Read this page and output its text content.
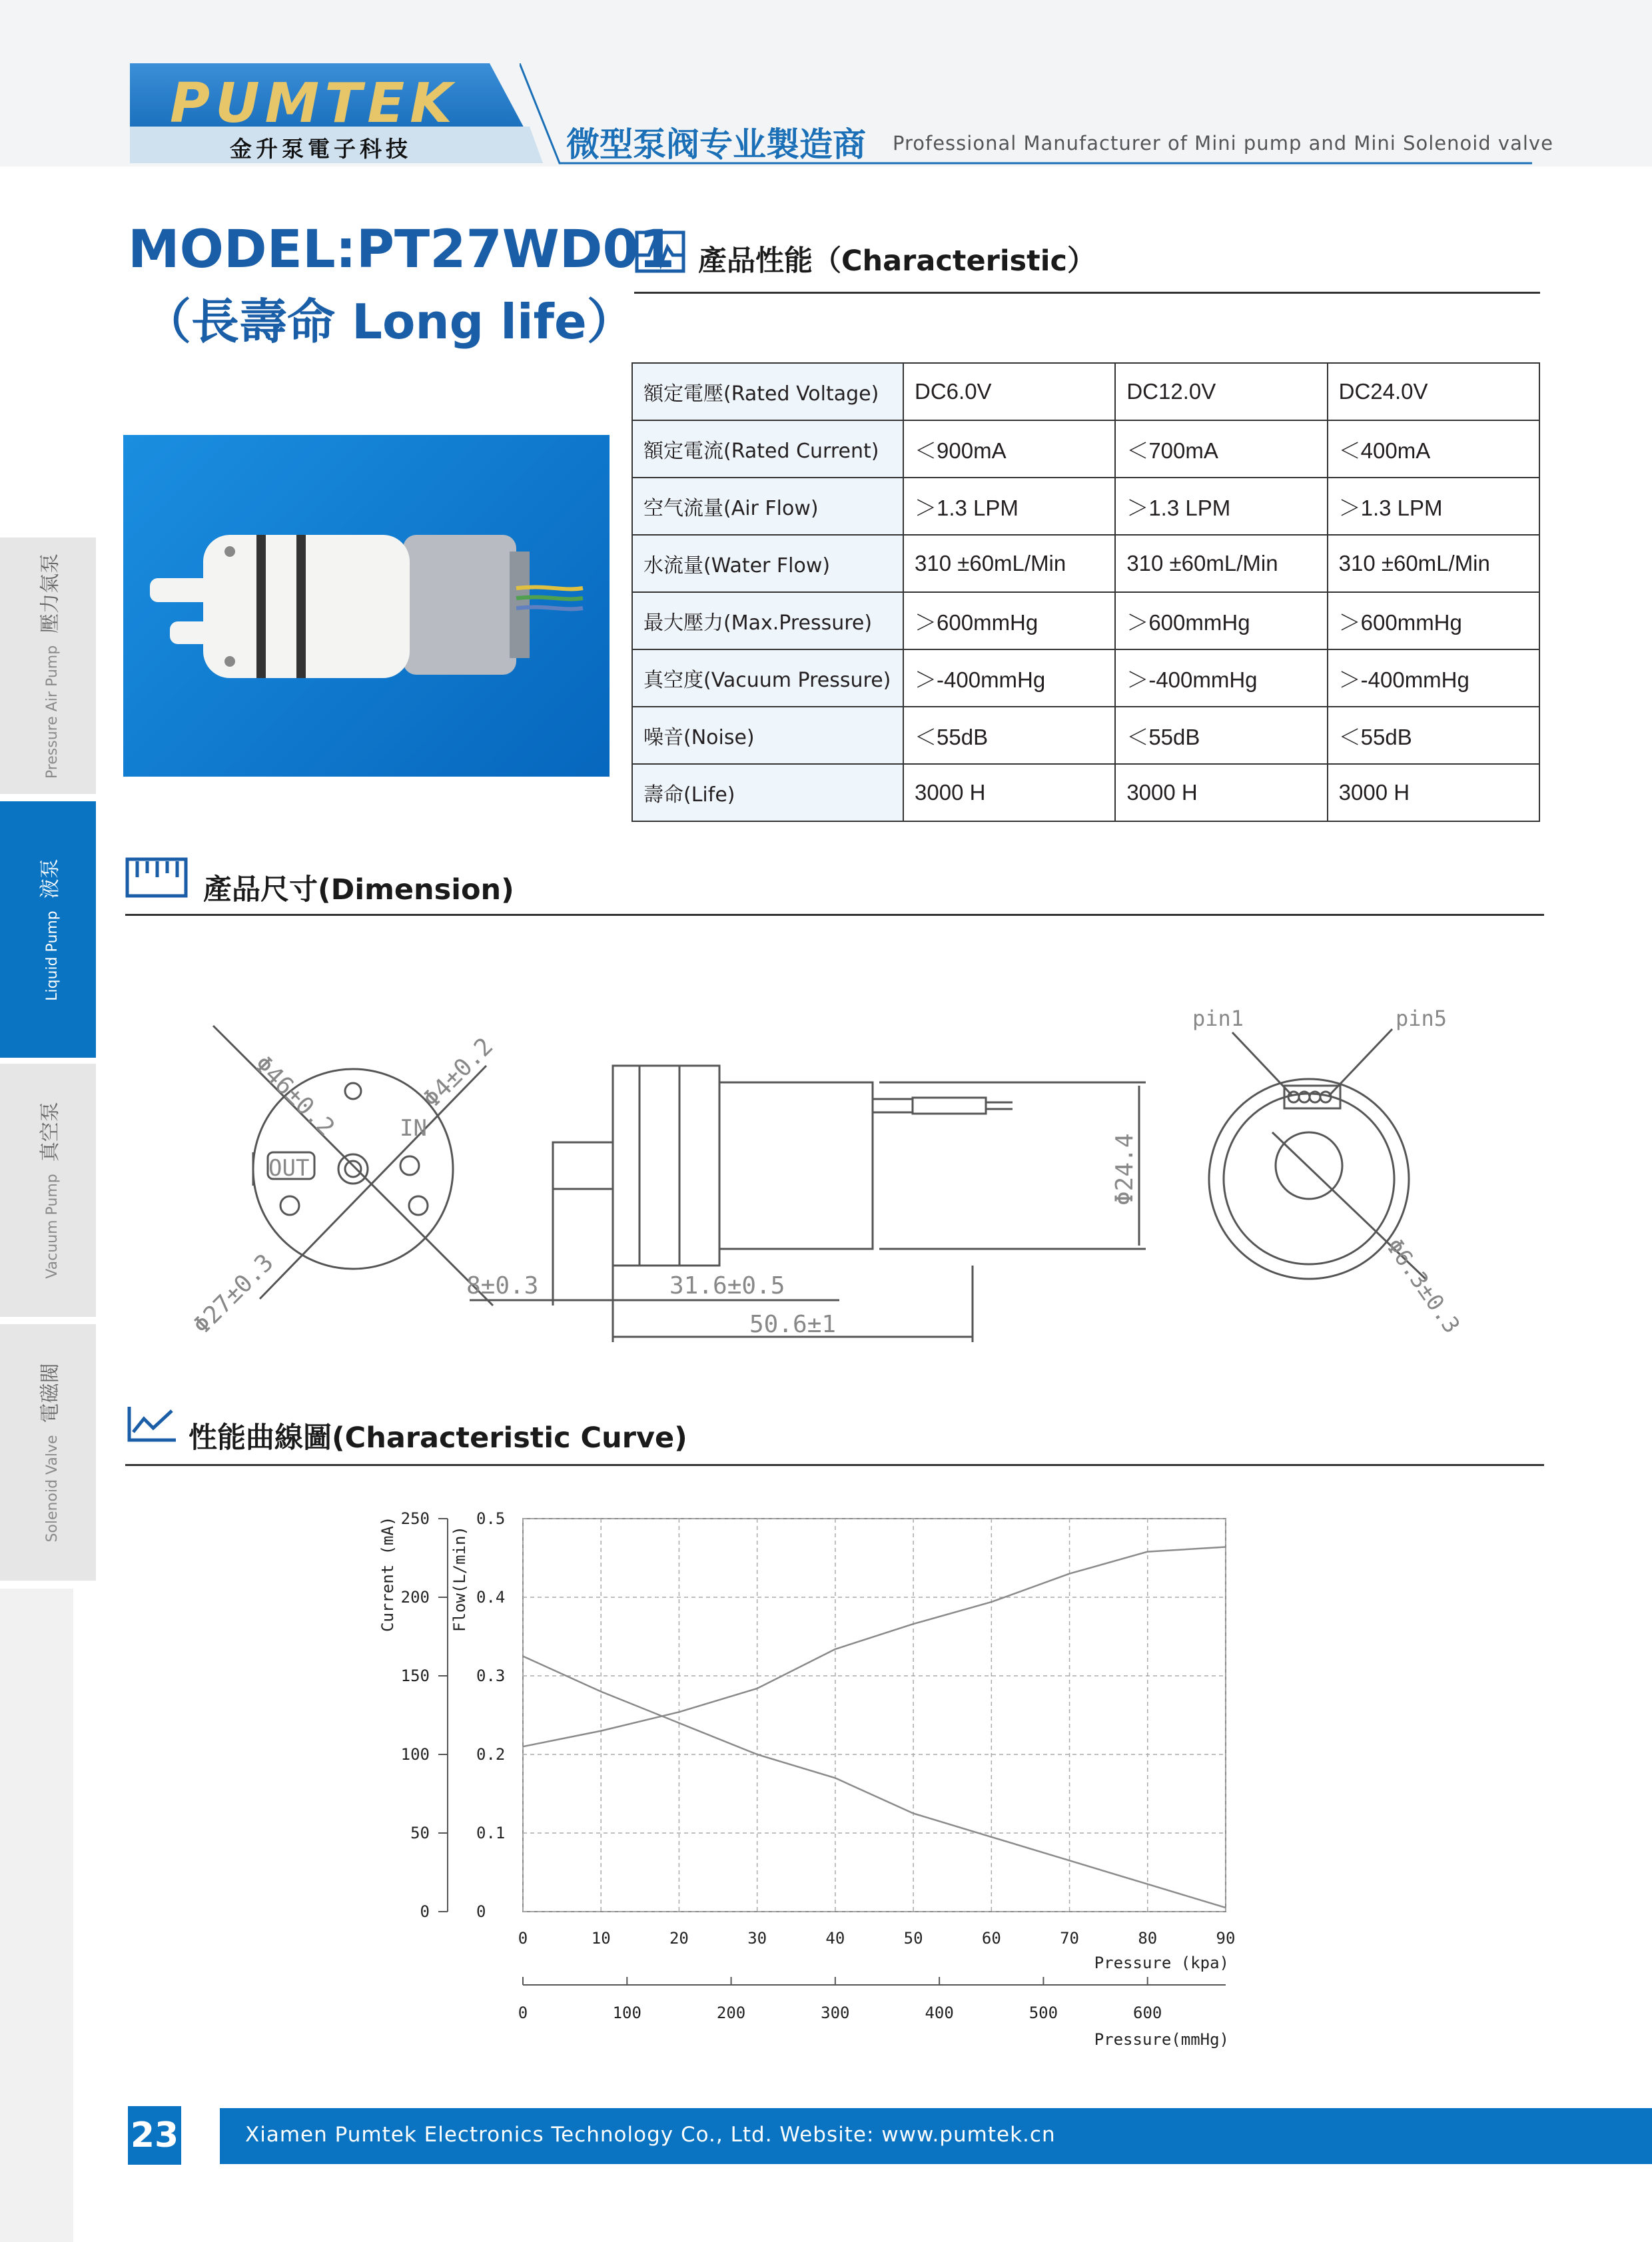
PUMTEK
金升泵電子科技	微型泵阀专业製造商 Professional Manufacturer of Mini pump and Mini Solenoid valve
Pressure Air Pump壓力氣泵
Liquid Pump液泵
Vacuum Pump真空泵
Solenoid Valve電磁閥
MODEL:PT27WD01
（長壽命 Long life）
產品性能（Characteristic）
額定電壓(Rated Voltage)	DC6.0V	DC12.0V	DC24.0V
額定電流(Rated Current)	＜900mA	＜700mA	＜400mA
空气流量(Air Flow)	＞1.3 LPM	＞1.3 LPM	＞1.3 LPM
水流量(Water Flow)	310 ±60mL/Min	310 ±60mL/Min	310 ±60mL/Min
最大壓力(Max.Pressure)	＞600mmHg	＞600mmHg	＞600mmHg
真空度(Vacuum Pressure)	＞-400mmHg	＞-400mmHg	＞-400mmHg
噪音(Noise)	＜55dB	＜55dB	＜55dB
壽命(Life)	3000 H	3000 H	3000 H
產品尺寸(Dimension)
Φ46±0.2	Φ4±0.2
Φ27±0.3
OUT
IN
8±0.3	31.6±0.5
50.6±1
Φ24.4
pin1	pin5
Φ6.3±0.3
性能曲線圖(Characteristic Curve)
0	10	20	30	40	50	60	70	80	90
0	0
50	0.1
100	0.2
150	0.3
200	0.4
250	0.5
0	100	200	300	400	500	600
Current (mA)	Flow(L/min)
Pressure (kpa)
Pressure(mmHg)
23	Xiamen Pumtek Electronics Technology Co., Ltd. Website: www.pumtek.cn
